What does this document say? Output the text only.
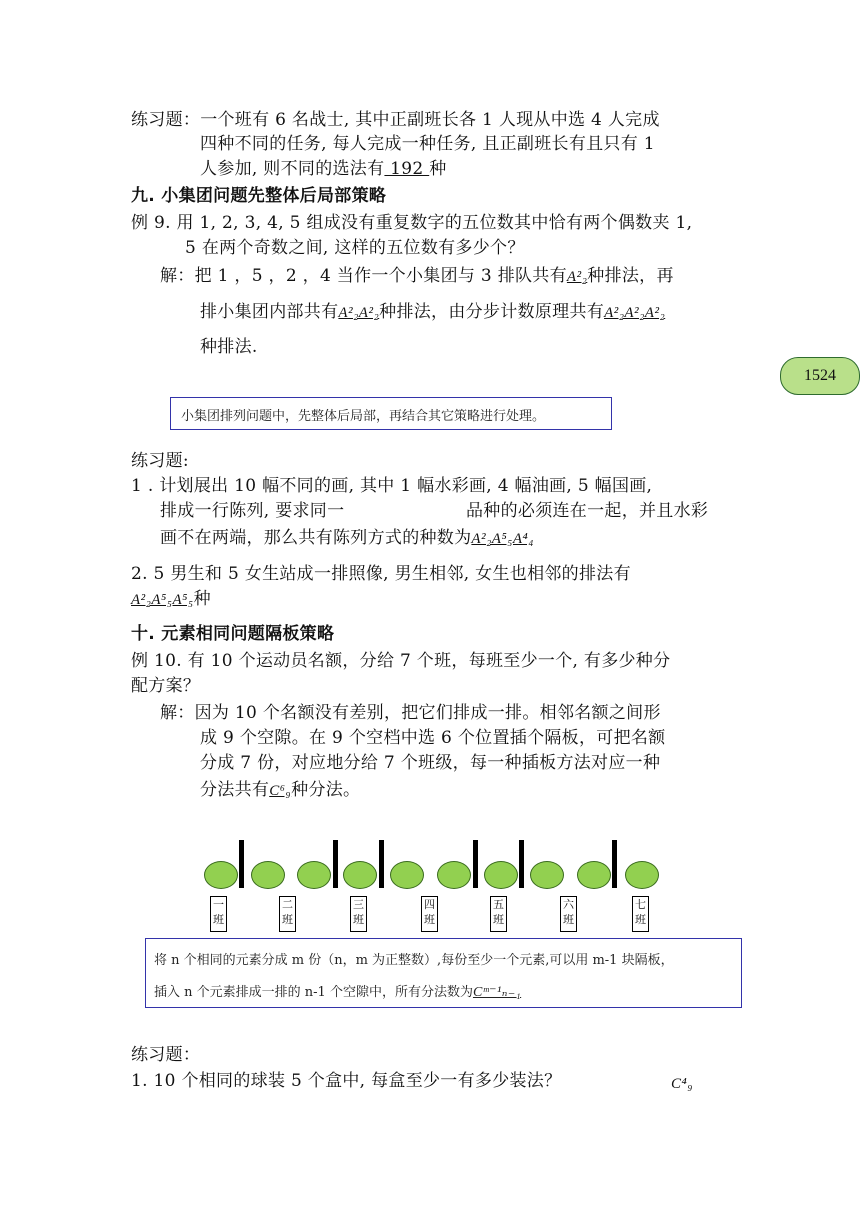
练习题：一个班有 6 名战士, 其中正副班长各 1 人现从中选 4 人完成
四种不同的任务, 每人完成一种任务, 且正副班长有且只有 1
人参加, 则不同的选法有 192 种
九. 小集团问题先整体后局部策略
例 9. 用 1, 2, 3, 4, 5 组成没有重复数字的五位数其中恰有两个偶数夹 1,
5 在两个奇数之间, 这样的五位数有多少个？
解：把 1 ，5 ，2 ，4 当作一个小集团与 3 排队共有A²₂种排法，再
排小集团内部共有A²₂A²₂种排法，由分步计数原理共有A²₂A²₂A²₂
种排法.
1524
小集团排列问题中，先整体后局部，再结合其它策略进行处理。
练习题:
1 . 计划展出 10 幅不同的画, 其中 1 幅水彩画, 4 幅油画, 5 幅国画,
排成一行陈列, 要求同一	品种的必须连在一起，并且水彩
画不在两端，那么共有陈列方式的种数为A²₂A⁵₅A⁴₄
2. 5 男生和 5 女生站成一排照像, 男生相邻, 女生也相邻的排法有
A²₂A⁵₅A⁵₅种
十. 元素相同问题隔板策略
例 10. 有 10 个运动员名额，分给 7 个班，每班至少一个, 有多少种分
配方案？
解：因为 10 个名额没有差别，把它们排成一排。相邻名额之间形
成 9 个空隙。在 9 个空档中选 6 个位置插个隔板，可把名额
分成 7 份，对应地分给 7 个班级，每一种插板方法对应一种
分法共有C⁶₉种分法。
一班
二班
三班
四班
五班
六班
七班
将 n 个相同的元素分成 m 份（n，m 为正整数）,每份至少一个元素,可以用 m-1 块隔板，
插入 n 个元素排成一排的 n-1 个空隙中，所有分法数为Cᵐ⁻¹ₙ₋₁
练习题：
1. 10 个相同的球装 5 个盒中, 每盒至少一有多少装法？	C⁴₉
